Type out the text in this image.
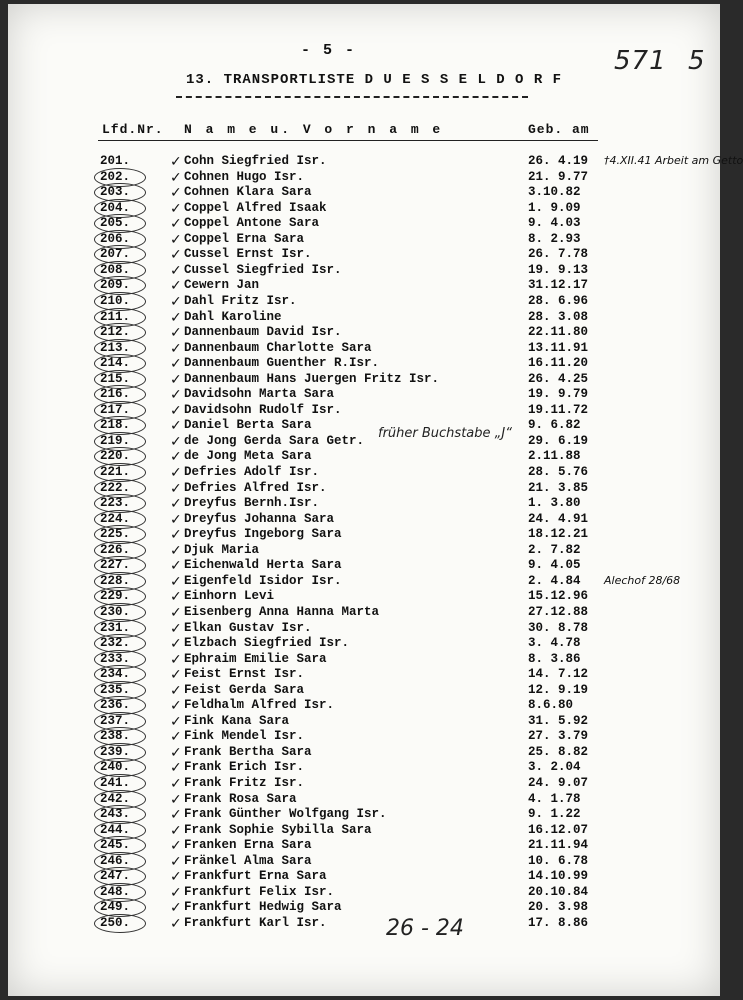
- 5 -
13. TRANSPORTLISTE D U E S S E L D O R F
571 5
Lfd.Nr. N a m e u. V o r n a m e	Geb. am
201.	✓ Cohn Siegfried Isr.	26. 4.19 †4.XII.41 Arbeit am Getto
202.	✓ Cohnen Hugo Isr.	21. 9.77
203.	✓ Cohnen Klara Sara	3.10.82
204.	✓ Coppel Alfred Isaak	1. 9.09
205.	✓ Coppel Antone Sara	9. 4.03
206.	✓ Coppel Erna Sara	8. 2.93
207.	✓ Cussel Ernst Isr.	26. 7.78
208.	✓ Cussel Siegfried Isr.	19. 9.13
209.	✓ Cewern Jan	31.12.17
210.	✓ Dahl Fritz Isr.	28. 6.96
211.	✓ Dahl Karoline	28. 3.08
212.	✓ Dannenbaum David Isr.	22.11.80
213.	✓ Dannenbaum Charlotte Sara	13.11.91
214.	✓ Dannenbaum Guenther R.Isr.	16.11.20
215.	✓ Dannenbaum Hans Juergen Fritz Isr.	26. 4.25
216.	✓ Davidsohn Marta Sara	19. 9.79
217.	✓ Davidsohn Rudolf Isr.	19.11.72
218.	✓ Daniel Berta Sara	9. 6.82
219.	✓ de Jong Gerda Sara Getr.	29. 6.19
220.	✓ de Jong Meta Sara	2.11.88
221.	✓ Defries Adolf Isr.	28. 5.76
222.	✓ Defries Alfred Isr.	21. 3.85
223.	✓ Dreyfus Bernh.Isr.	1. 3.80
224.	✓ Dreyfus Johanna Sara	24. 4.91
225.	✓ Dreyfus Ingeborg Sara	18.12.21
226.	✓ Djuk Maria	2. 7.82
227.	✓ Eichenwald Herta Sara	9. 4.05
228.	✓ Eigenfeld Isidor Isr.	2. 4.84 Alechof 28/68
229.	✓ Einhorn Levi	15.12.96
230.	✓ Eisenberg Anna Hanna Marta	27.12.88
231.	✓ Elkan Gustav Isr.	30. 8.78
232.	✓ Elzbach Siegfried Isr.	3. 4.78
233.	✓ Ephraim Emilie Sara	8. 3.86
234.	✓ Feist Ernst Isr.	14. 7.12
235.	✓ Feist Gerda Sara	12. 9.19
236.	✓ Feldhalm Alfred Isr.	8.6.80
237.	✓ Fink Kana Sara	31. 5.92
238.	✓ Fink Mendel Isr.	27. 3.79
239.	✓ Frank Bertha Sara	25. 8.82
240.	✓ Frank Erich Isr.	3. 2.04
241.	✓ Frank Fritz Isr.	24. 9.07
242.	✓ Frank Rosa Sara	4. 1.78
243.	✓ Frank Günther Wolfgang Isr.	9. 1.22
244.	✓ Frank Sophie Sybilla Sara	16.12.07
245.	✓ Franken Erna Sara	21.11.94
246.	✓ Fränkel Alma Sara	10. 6.78
247.	✓ Frankfurt Erna Sara	14.10.99
248.	✓ Frankfurt Felix Isr.	20.10.84
249.	✓ Frankfurt Hedwig Sara	20. 3.98
250.	✓ Frankfurt Karl Isr.	17. 8.86
früher Buchstabe „J“
26 - 24
